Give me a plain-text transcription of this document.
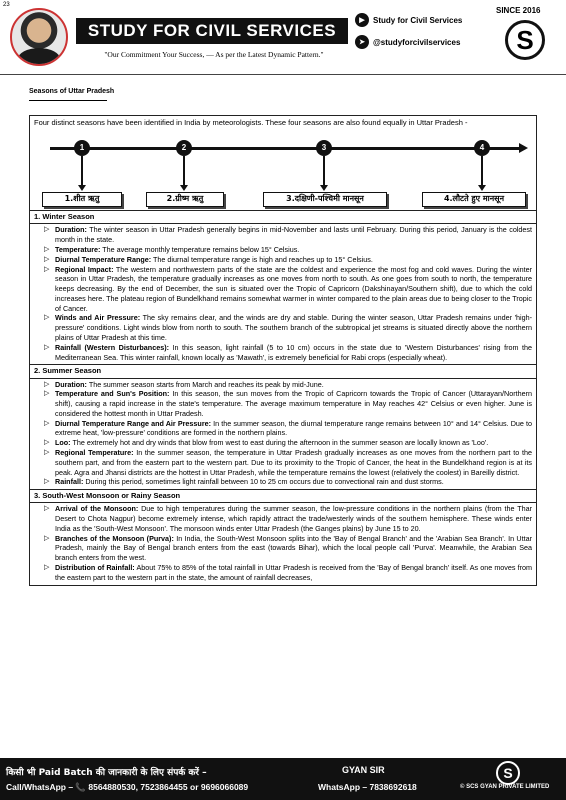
23
STUDY FOR CIVIL SERVICES
"Our Commitment Your Success, — As per the Latest Dynamic Pattern."
▶	Study for Civil Services
➤	@studyforcivilservices
SINCE 2016
S
Seasons of Uttar Pradesh
Four distinct seasons have been identified in India by meteorologists. These four seasons are also found equally in Uttar Pradesh -
1	2	3	4
1.शीत ऋतु	2.ग्रीष्म ऋतु	3.दक्षिणी-पश्चिमी मानसून	4.लौटते हुए मानसून
1. Winter Season
▷ Duration: The winter season in Uttar Pradesh generally begins in mid-November and lasts until February. During this period, January is the coldest month in the state.
▷ Temperature: The average monthly temperature remains below 15° Celsius.
▷ Diurnal Temperature Range: The diurnal temperature range is high and reaches up to 15° Celsius.
▷ Regional Impact: The western and northwestern parts of the state are the coldest and experience the most fog and cold waves. During the winter season in Uttar Pradesh, the temperature gradually increases as one moves from north to south. As one goes from south to north, the temperature keeps decreasing. By the end of December, the sun is situated over the Tropic of Capricorn (Dakshinayan/Southern shift), due to which the cold increases here. The plateau region of Bundelkhand remains somewhat warmer in winter compared to the plain areas due to being closer to the Tropic of Cancer.
▷ Winds and Air Pressure: The sky remains clear, and the winds are dry and stable. During the winter season, Uttar Pradesh remains under 'high-pressure' conditions. Light winds blow from north to south. The southern branch of the subtropical jet streams is situated directly above the northern plains of Uttar Pradesh at this time.
▷ Rainfall (Western Disturbances): In this season, light rainfall (5 to 10 cm) occurs in the state due to 'Western Disturbances' rising from the Mediterranean Sea. This winter rainfall, known locally as 'Mawath', is extremely beneficial for Rabi crops (especially wheat).
2. Summer Season
▷ Duration: The summer season starts from March and reaches its peak by mid-June.
▷ Temperature and Sun's Position: In this season, the sun moves from the Tropic of Capricorn towards the Tropic of Cancer (Uttarayan/Northern shift), causing a rapid increase in the state's temperature. The average maximum temperature in May reaches 42° Celsius or even higher. June is considered the hottest month in Uttar Pradesh.
▷ Diurnal Temperature Range and Air Pressure: In the summer season, the diurnal temperature range remains between 10° and 14° Celsius. Due to extreme heat, 'low-pressure' conditions are formed in the northern plains.
▷ Loo: The extremely hot and dry winds that blow from west to east during the afternoon in the summer season are locally known as 'Loo'.
▷ Regional Temperature: In the summer season, the temperature in Uttar Pradesh gradually increases as one moves from the northern part to the southern part, and from the eastern part to the western part. Due to its proximity to the Tropic of Cancer, the heat in the Bundelkhand region is at its peak. Agra and Jhansi districts are the hottest in Uttar Pradesh, while the temperature remains the lowest (relatively the coolest) in Bareilly district.
▷ Rainfall: During this period, sometimes light rainfall between 10 to 25 cm occurs due to convectional rain and dust storms.
3. South-West Monsoon or Rainy Season
▷ Arrival of the Monsoon: Due to high temperatures during the summer season, the low-pressure conditions in the northern plains (from the Thar Desert to Chota Nagpur) become extremely intense, which rapidly attract the trade/westerly winds of the southern hemisphere. These winds enter India as the 'South-West Monsoon'. The monsoon winds enter Uttar Pradesh (the Ganges plains) by June 15 to 20.
▷ Branches of the Monsoon (Purva): In India, the South-West Monsoon splits into the 'Bay of Bengal Branch' and the 'Arabian Sea Branch'. In Uttar Pradesh, mainly the Bay of Bengal branch enters from the east (towards Bihar), which the local people call 'Purva'. Meanwhile, the Arabian Sea branch enters from the west.
▷ Distribution of Rainfall: About 75% to 85% of the total rainfall in Uttar Pradesh is received from the 'Bay of Bengal branch' itself. As one moves from the eastern part to the western part in the state, the amount of rainfall decreases,
किसी भी Paid Batch की जानकारी के लिए संपर्क करें –
Call/WhatsApp – 📞 8564880530, 7523864455 or 9696066089
GYAN SIR
WhatsApp – 7838692618
S
© SCS GYAN PRIVATE LIMITED
